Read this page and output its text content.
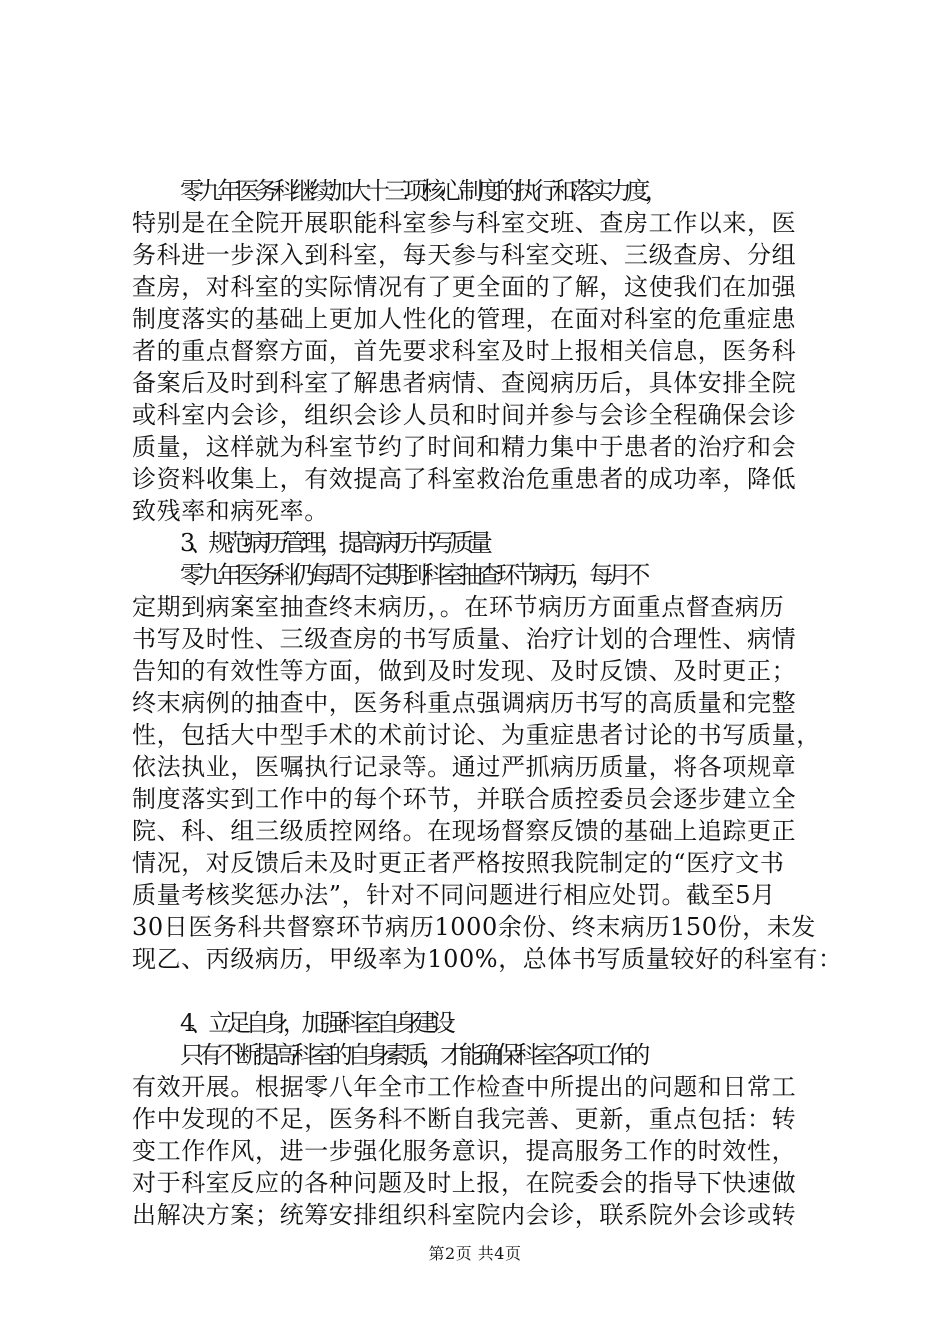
零九年医务科继续加大十三项核心制度的执行和落实力度，
特别是在全院开展职能科室参与科室交班、查房工作以来，医
务科进一步深入到科室，每天参与科室交班、三级查房、分组
查房，对科室的实际情况有了更全面的了解，这使我们在加强
制度落实的基础上更加人性化的管理，在面对科室的危重症患
者的重点督察方面，首先要求科室及时上报相关信息，医务科
备案后及时到科室了解患者病情、查阅病历后，具体安排全院
或科室内会诊，组织会诊人员和时间并参与会诊全程确保会诊
质量，这样就为科室节约了时间和精力集中于患者的治疗和会
诊资料收集上，有效提高了科室救治危重患者的成功率，降低
致残率和病死率。
3、规范病历管理，提高病历书写质量
零九年医务科仍每周不定期到科室抽查环节病历，每月不
定期到病案室抽查终末病历，。在环节病历方面重点督查病历
书写及时性、三级查房的书写质量、治疗计划的合理性、病情
告知的有效性等方面，做到及时发现、及时反馈、及时更正；
终末病例的抽查中，医务科重点强调病历书写的高质量和完整
性，包括大中型手术的术前讨论、为重症患者讨论的书写质量，
依法执业，医嘱执行记录等。通过严抓病历质量，将各项规章
制度落实到工作中的每个环节，并联合质控委员会逐步建立全
院、科、组三级质控网络。在现场督察反馈的基础上追踪更正
情况，对反馈后未及时更正者严格按照我院制定的“医疗文书
质量考核奖惩办法”，针对不同问题进行相应处罚。截至5月
30日医务科共督察环节病历1000余份、终末病历150份，未发
现乙、丙级病历，甲级率为100%，总体书写质量较好的科室有：
4、立足自身，加强科室自身建设
只有不断提高科室的自身素质，才能确保科室各项工作的
有效开展。根据零八年全市工作检查中所提出的问题和日常工
作中发现的不足，医务科不断自我完善、更新，重点包括：转
变工作作风，进一步强化服务意识，提高服务工作的时效性，
对于科室反应的各种问题及时上报，在院委会的指导下快速做
出解决方案；统筹安排组织科室院内会诊，联系院外会诊或转
第2页 共4页
